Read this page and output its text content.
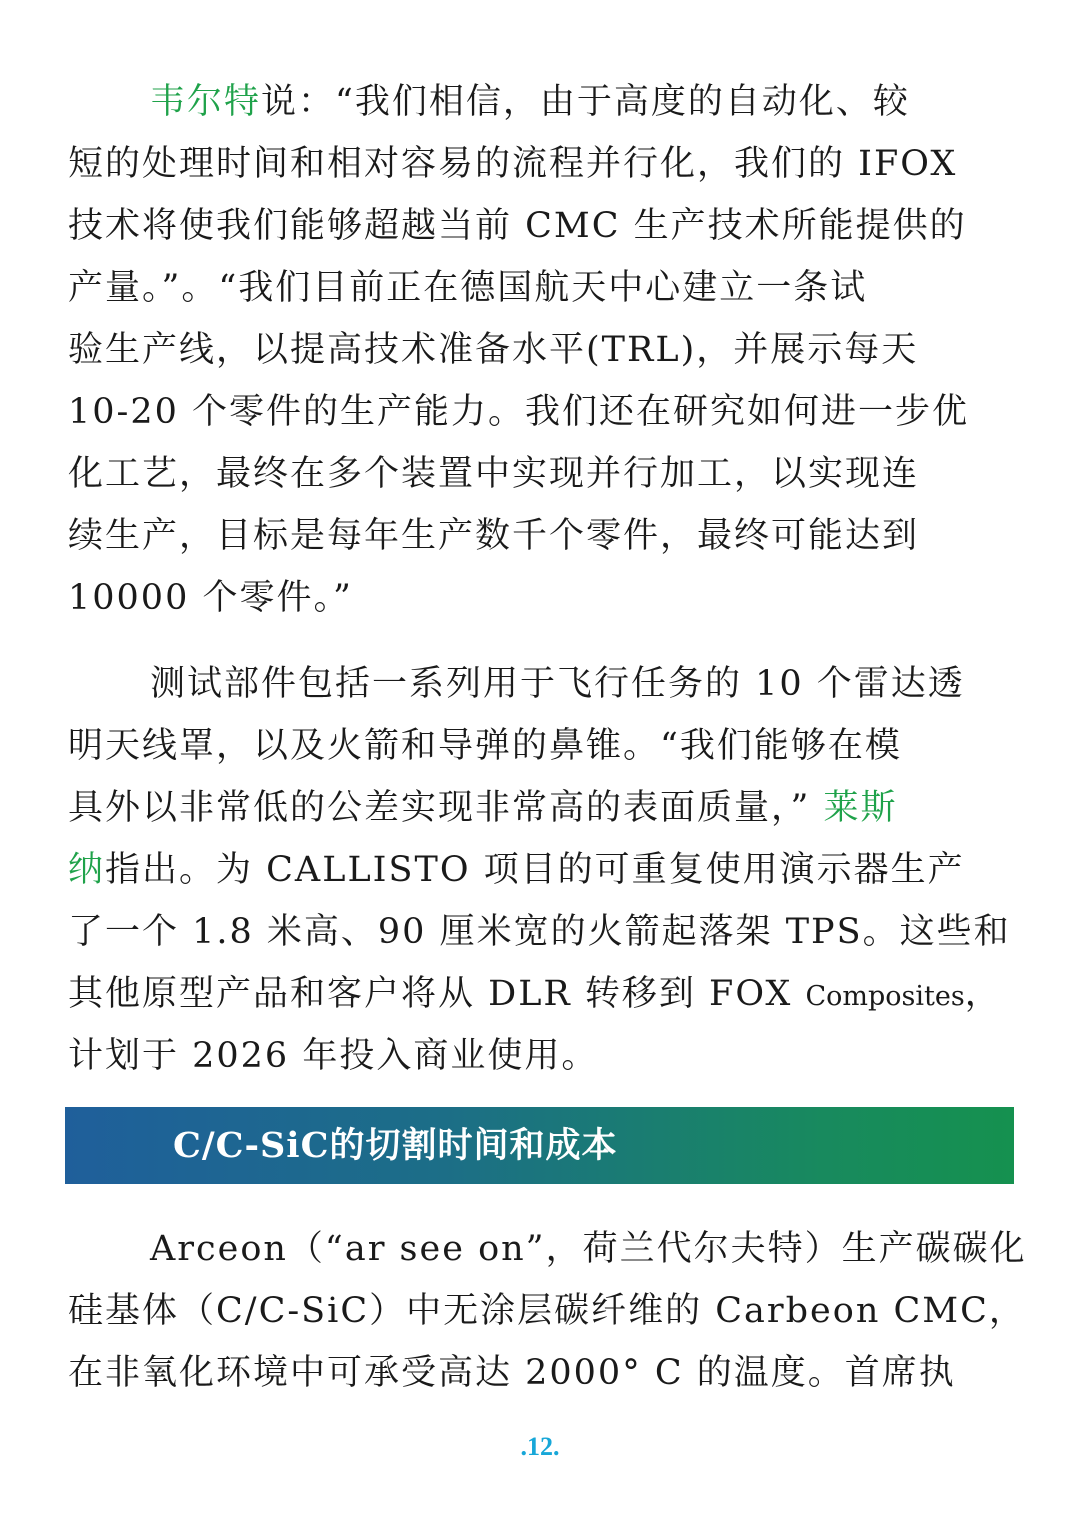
韦尔特说：“我们相信，由于高度的自动化、较
短的处理时间和相对容易的流程并行化，我们的 IFOX
技术将使我们能够超越当前 CMC 生产技术所能提供的
产量。”。“我们目前正在德国航天中心建立一条试
验生产线，以提高技术准备水平(TRL)，并展示每天
10-20 个零件的生产能力。我们还在研究如何进一步优
化工艺，最终在多个装置中实现并行加工，以实现连
续生产，目标是每年生产数千个零件，最终可能达到
10000 个零件。”
测试部件包括一系列用于飞行任务的 10 个雷达透
明天线罩，以及火箭和导弹的鼻锥。“我们能够在模
具外以非常低的公差实现非常高的表面质量，” 莱斯
纳指出。为 CALLISTO 项目的可重复使用演示器生产
了一个 1.8 米高、90 厘米宽的火箭起落架 TPS。这些和
其他原型产品和客户将从 DLR 转移到 FOX Composites，
计划于 2026 年投入商业使用。
C/C-SiC的切割时间和成本
Arceon（“ar see on”，荷兰代尔夫特）生产碳碳化
硅基体（C/C-SiC）中无涂层碳纤维的 Carbeon CMC，
在非氧化环境中可承受高达 2000° C 的温度。首席执
.12.
